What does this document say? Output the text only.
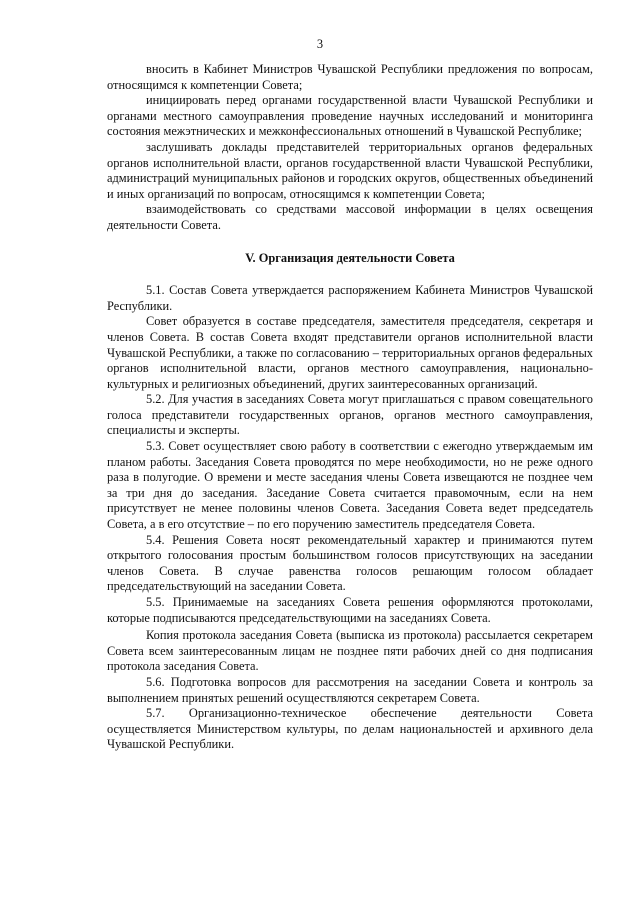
3

вносить в Кабинет Министров Чувашской Республики предложения по вопросам, относящимся к компетенции Совета;

инициировать перед органами государственной власти Чувашской Республики и органами местного самоуправления проведение научных исследований и мониторинга состояния межэтнических и межконфессиональных отношений в Чувашской Республике;

заслушивать доклады представителей территориальных органов федеральных органов исполнительной власти, органов государственной власти Чувашской Республики, администраций муниципальных районов и городских округов, общественных объединений и иных организаций по вопросам, относящимся к компетенции Совета;

взаимодействовать со средствами массовой информации в целях освещения деятельности Совета.

V. Организация деятельности Совета

5.1. Состав Совета утверждается распоряжением Кабинета Министров Чувашской Республики.

Совет образуется в составе председателя, заместителя председателя, секретаря и членов Совета. В состав Совета входят представители органов исполнительной власти Чувашской Республики, а также по согласованию – территориальных органов федеральных органов исполнительной власти, органов местного самоуправления, национально-культурных и религиозных объединений, других заинтересованных организаций.

5.2. Для участия в заседаниях Совета могут приглашаться с правом совещательного голоса представители государственных органов, органов местного самоуправления, специалисты и эксперты.

5.3. Совет осуществляет свою работу в соответствии с ежегодно утверждаемым им планом работы. Заседания Совета проводятся по мере необходимости, но не реже одного раза в полугодие. О времени и месте заседания члены Совета извещаются не позднее чем за три дня до заседания. Заседание Совета считается правомочным, если на нем присутствует не менее половины членов Совета. Заседания Совета ведет председатель Совета, а в его отсутствие – по его поручению заместитель председателя Совета.

5.4. Решения Совета носят рекомендательный характер и принимаются путем открытого голосования простым большинством голосов присутствующих на заседании членов Совета. В случае равенства голосов решающим голосом обладает председательствующий на заседании Совета.

5.5. Принимаемые на заседаниях Совета решения оформляются протоколами, которые подписываются председательствующими на заседаниях Совета.

Копия протокола заседания Совета (выписка из протокола) рассылается секретарем Совета всем заинтересованным лицам не позднее пяти рабочих дней со дня подписания протокола заседания Совета.

5.6. Подготовка вопросов для рассмотрения на заседании Совета и контроль за выполнением принятых решений осуществляются секретарем Совета.

5.7. Организационно-техническое обеспечение деятельности Совета осуществляется Министерством культуры, по делам национальностей и архивного дела Чувашской Республики.
